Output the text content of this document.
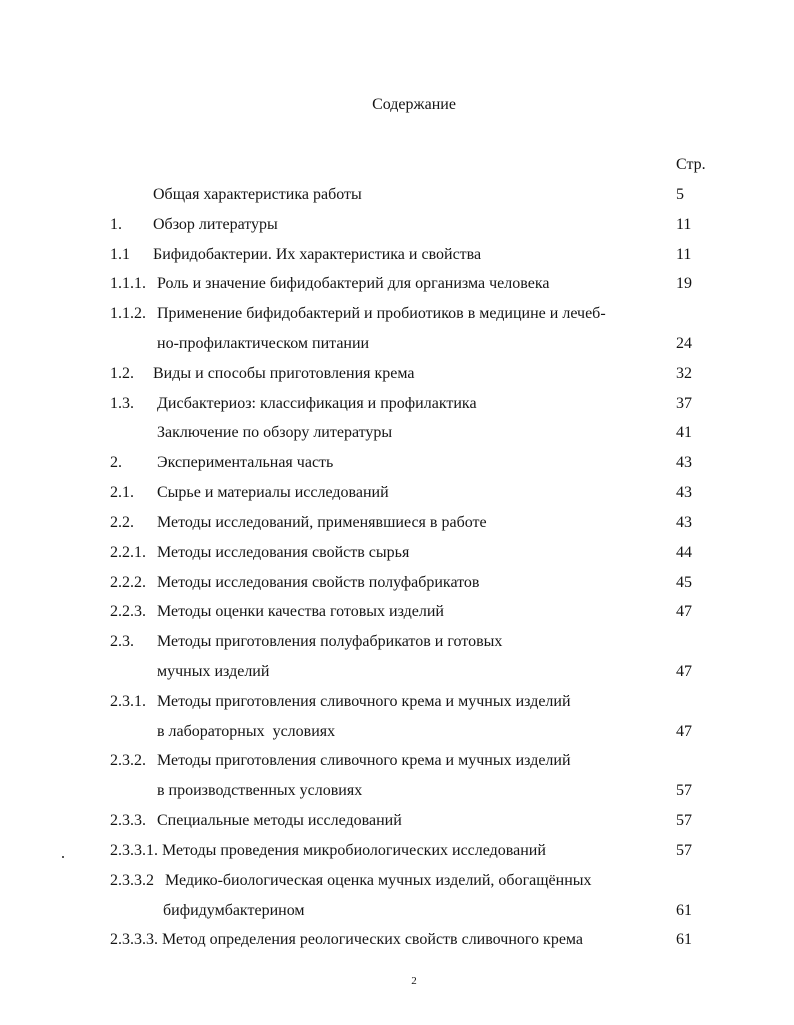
Содержание
Стр.
Общая характеристика работы	5
1. Обзор литературы	11
1.1 Бифидобактерии. Их характеристика и свойства	11
1.1.1. Роль и значение бифидобактерий для организма человека	19
1.1.2. Применение бифидобактерий и пробиотиков в медицине и лечеб-
но-профилактическом питании	24
1.2. Виды и способы приготовления крема	32
1.3. Дисбактериоз: классификация и профилактика	37
Заключение по обзору литературы	41
2. Экспериментальная часть	43
2.1. Сырье и материалы исследований	43
2.2. Методы исследований, применявшиеся в работе	43
2.2.1. Методы исследования свойств сырья	44
2.2.2. Методы исследования свойств полуфабрикатов	45
2.2.3. Методы оценки качества готовых изделий	47
2.3. Методы приготовления полуфабрикатов и готовых
мучных изделий	47
2.3.1. Методы приготовления сливочного крема и мучных изделий
в лабораторных  условиях	47
2.3.2. Методы приготовления сливочного крема и мучных изделий
в производственных условиях	57
2.3.3. Специальные методы исследований	57
2.3.3.1. Методы проведения микробиологических исследований	57
2.3.3.2 Медико-биологическая оценка мучных изделий, обогащённых
бифидумбактерином	61
2.3.3.3. Метод определения реологических свойств сливочного крема	61
2
